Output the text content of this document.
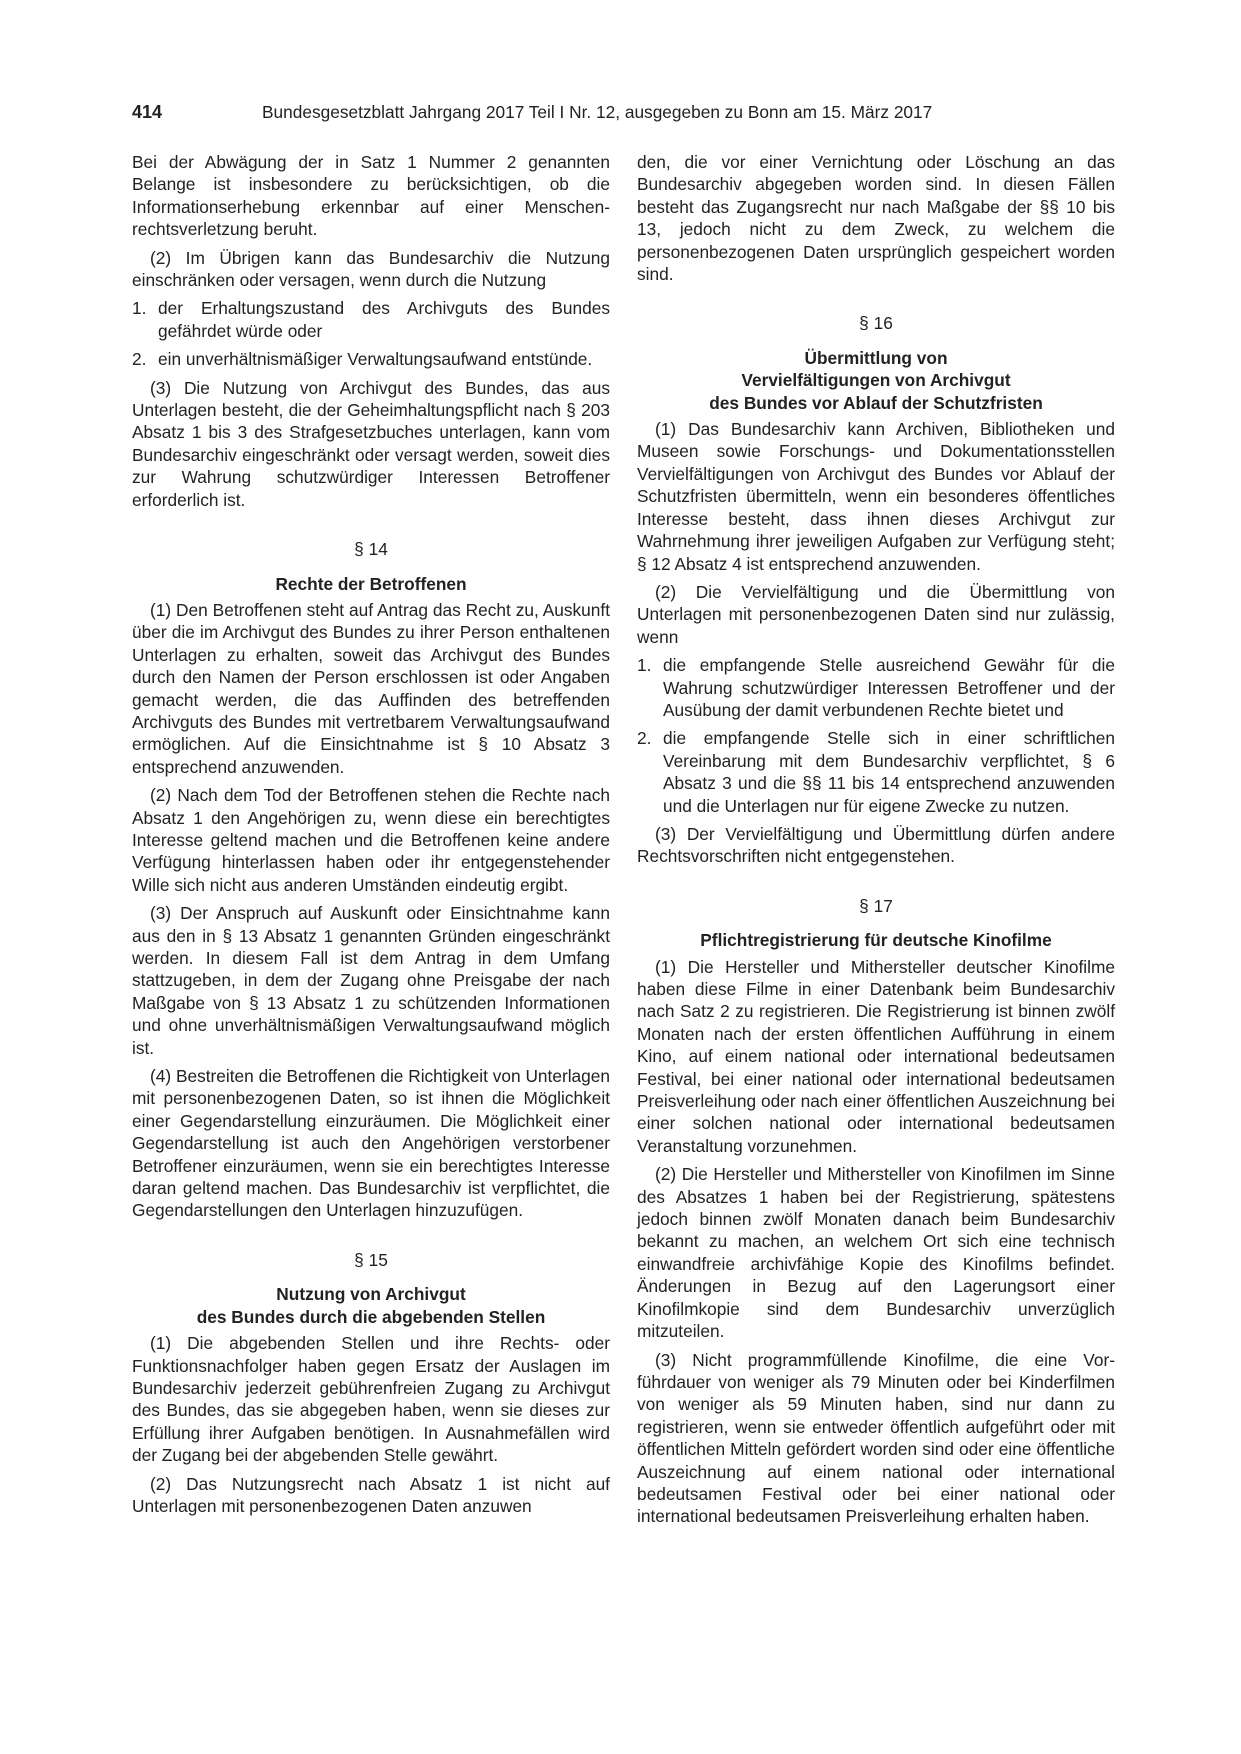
414	Bundesgesetzblatt Jahrgang 2017 Teil I Nr. 12, ausgegeben zu Bonn am 15. März 2017

Bei der Abwägung der in Satz 1 Nummer 2 genannten Belange ist insbesondere zu berücksichtigen, ob die Informationserhebung erkennbar auf einer Menschenrechtsverletzung beruht.

(2) Im Übrigen kann das Bundesarchiv die Nutzung einschränken oder versagen, wenn durch die Nutzung

1. der Erhaltungszustand des Archivguts des Bundes gefährdet würde oder
2. ein unverhältnismäßiger Verwaltungsaufwand entstünde.

(3) Die Nutzung von Archivgut des Bundes, das aus Unterlagen besteht, die der Geheimhaltungspflicht nach § 203 Absatz 1 bis 3 des Strafgesetzbuches unterlagen, kann vom Bundesarchiv eingeschränkt oder versagt werden, soweit dies zur Wahrung schutzwürdiger Interessen Betroffener erforderlich ist.

§ 14
Rechte der Betroffenen

(1) Den Betroffenen steht auf Antrag das Recht zu, Auskunft über die im Archivgut des Bundes zu ihrer Person enthaltenen Unterlagen zu erhalten, soweit das Archivgut des Bundes durch den Namen der Person erschlossen ist oder Angaben gemacht werden, die das Auffinden des betreffenden Archivguts des Bundes mit vertretbarem Verwaltungsaufwand ermöglichen. Auf die Einsichtnahme ist § 10 Absatz 3 entsprechend anzuwenden.

(2) Nach dem Tod der Betroffenen stehen die Rechte nach Absatz 1 den Angehörigen zu, wenn diese ein berechtigtes Interesse geltend machen und die Betroffenen keine andere Verfügung hinterlassen haben oder ihr entgegenstehender Wille sich nicht aus anderen Umständen eindeutig ergibt.

(3) Der Anspruch auf Auskunft oder Einsichtnahme kann aus den in § 13 Absatz 1 genannten Gründen eingeschränkt werden. In diesem Fall ist dem Antrag in dem Umfang stattzugeben, in dem der Zugang ohne Preisgabe der nach Maßgabe von § 13 Absatz 1 zu schützenden Informationen und ohne unverhältnismäßigen Verwaltungsaufwand möglich ist.

(4) Bestreiten die Betroffenen die Richtigkeit von Unterlagen mit personenbezogenen Daten, so ist ihnen die Möglichkeit einer Gegendarstellung einzuräumen. Die Möglichkeit einer Gegendarstellung ist auch den Angehörigen verstorbener Betroffener einzuräumen, wenn sie ein berechtigtes Interesse daran geltend machen. Das Bundesarchiv ist verpflichtet, die Gegendarstellungen den Unterlagen hinzuzufügen.

§ 15
Nutzung von Archivgut
des Bundes durch die abgebenden Stellen

(1) Die abgebenden Stellen und ihre Rechts- oder Funktionsnachfolger haben gegen Ersatz der Auslagen im Bundesarchiv jederzeit gebührenfreien Zugang zu Archivgut des Bundes, das sie abgegeben haben, wenn sie dieses zur Erfüllung ihrer Aufgaben benötigen. In Ausnahmefällen wird der Zugang bei der abgebenden Stelle gewährt.

(2) Das Nutzungsrecht nach Absatz 1 ist nicht auf Unterlagen mit personenbezogenen Daten anzuwen

den, die vor einer Vernichtung oder Löschung an das Bundesarchiv abgegeben worden sind. In diesen Fällen besteht das Zugangsrecht nur nach Maßgabe der §§ 10 bis 13, jedoch nicht zu dem Zweck, zu welchem die personenbezogenen Daten ursprünglich gespeichert worden sind.

§ 16
Übermittlung von
Vervielfältigungen von Archivgut
des Bundes vor Ablauf der Schutzfristen

(1) Das Bundesarchiv kann Archiven, Bibliotheken und Museen sowie Forschungs- und Dokumentationsstellen Vervielfältigungen von Archivgut des Bundes vor Ablauf der Schutzfristen übermitteln, wenn ein besonderes öffentliches Interesse besteht, dass ihnen dieses Archivgut zur Wahrnehmung ihrer jeweiligen Aufgaben zur Verfügung steht; § 12 Absatz 4 ist entsprechend anzuwenden.

(2) Die Vervielfältigung und die Übermittlung von Unterlagen mit personenbezogenen Daten sind nur zulässig, wenn

1. die empfangende Stelle ausreichend Gewähr für die Wahrung schutzwürdiger Interessen Betroffener und der Ausübung der damit verbundenen Rechte bietet und
2. die empfangende Stelle sich in einer schriftlichen Vereinbarung mit dem Bundesarchiv verpflichtet, § 6 Absatz 3 und die §§ 11 bis 14 entsprechend anzuwenden und die Unterlagen nur für eigene Zwecke zu nutzen.

(3) Der Vervielfältigung und Übermittlung dürfen andere Rechtsvorschriften nicht entgegenstehen.

§ 17
Pflichtregistrierung für deutsche Kinofilme

(1) Die Hersteller und Mithersteller deutscher Kinofilme haben diese Filme in einer Datenbank beim Bundesarchiv nach Satz 2 zu registrieren. Die Registrierung ist binnen zwölf Monaten nach der ersten öffentlichen Aufführung in einem Kino, auf einem national oder international bedeutsamen Festival, bei einer national oder international bedeutsamen Preisverleihung oder nach einer öffentlichen Auszeichnung bei einer solchen national oder international bedeutsamen Veranstaltung vorzunehmen.

(2) Die Hersteller und Mithersteller von Kinofilmen im Sinne des Absatzes 1 haben bei der Registrierung, spätestens jedoch binnen zwölf Monaten danach beim Bundesarchiv bekannt zu machen, an welchem Ort sich eine technisch einwandfreie archivfähige Kopie des Kinofilms befindet. Änderungen in Bezug auf den Lagerungsort einer Kinofilmkopie sind dem Bundesarchiv unverzüglich mitzuteilen.

(3) Nicht programmfüllende Kinofilme, die eine Vorführdauer von weniger als 79 Minuten oder bei Kinderfilmen von weniger als 59 Minuten haben, sind nur dann zu registrieren, wenn sie entweder öffentlich aufgeführt oder mit öffentlichen Mitteln gefördert worden sind oder eine öffentliche Auszeichnung auf einem national oder international bedeutsamen Festival oder bei einer national oder international bedeutsamen Preisverleihung erhalten haben.
